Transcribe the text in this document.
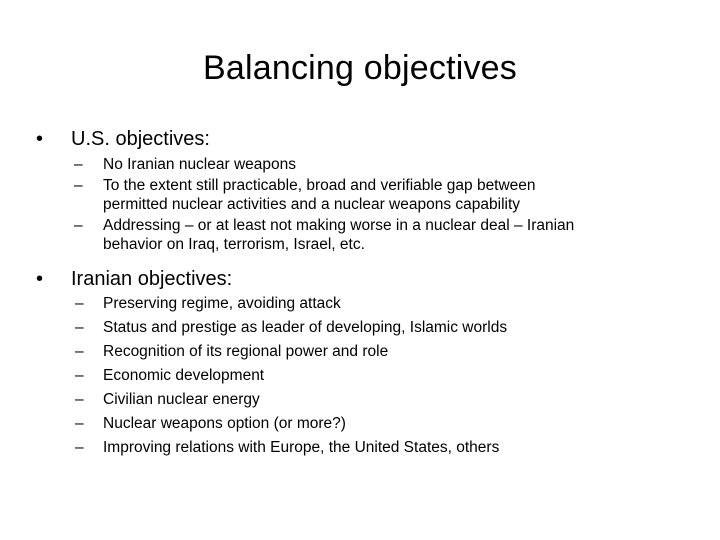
Balancing objectives
• U.S. objectives:
– No Iranian nuclear weapons
– To the extent still practicable, broad and verifiable gap between
permitted nuclear activities and a nuclear weapons capability
– Addressing – or at least not making worse in a nuclear deal – Iranian
behavior on Iraq, terrorism, Israel, etc.
• Iranian objectives:
– Preserving regime, avoiding attack
– Status and prestige as leader of developing, Islamic worlds
– Recognition of its regional power and role
– Economic development
– Civilian nuclear energy
– Nuclear weapons option (or more?)
– Improving relations with Europe, the United States, others
